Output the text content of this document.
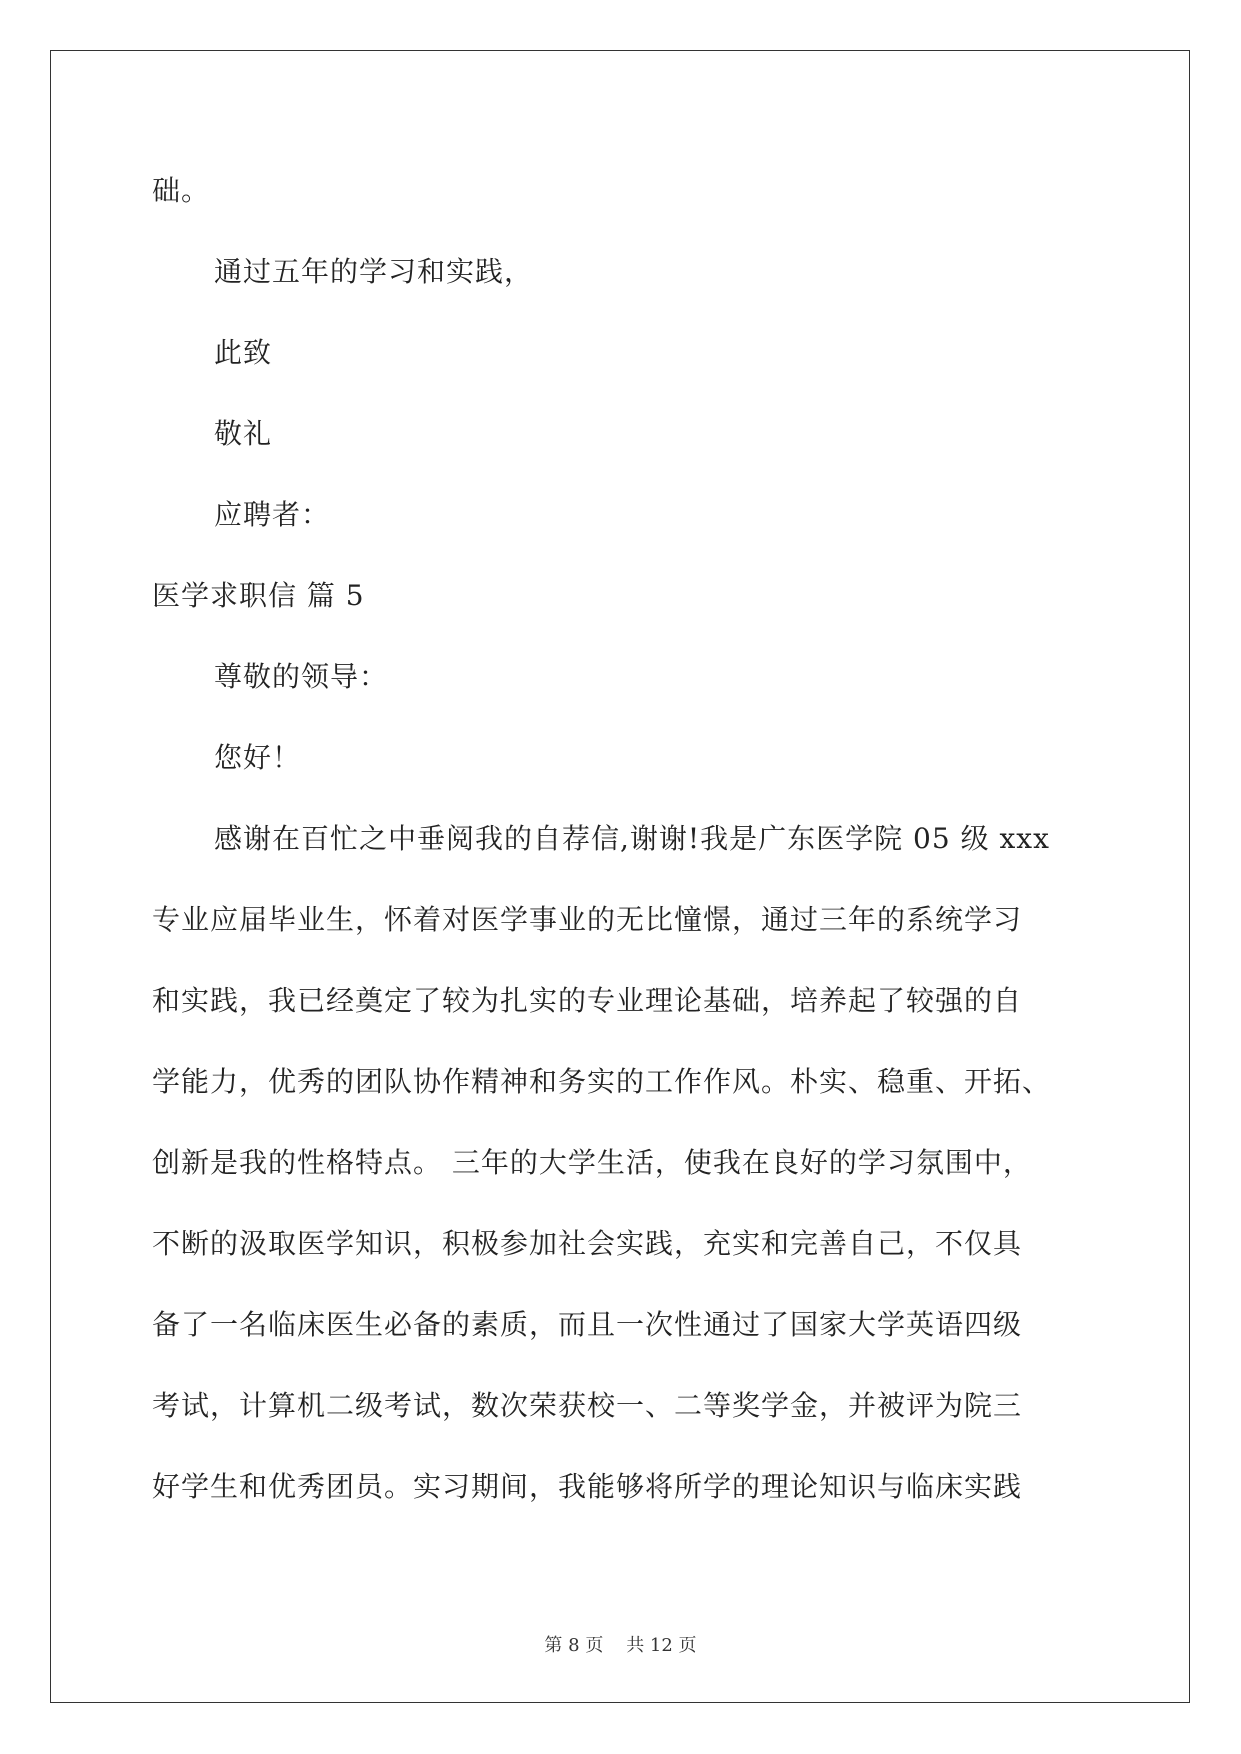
础。
通过五年的学习和实践，
此致
敬礼
应聘者：
医学求职信 篇 5
尊敬的领导：
您好！
感谢在百忙之中垂阅我的自荐信,谢谢!我是广东医学院 05 级 xxx
专业应届毕业生，怀着对医学事业的无比憧憬，通过三年的系统学习
和实践，我已经奠定了较为扎实的专业理论基础，培养起了较强的自
学能力，优秀的团队协作精神和务实的工作作风。朴实、稳重、开拓、
创新是我的性格特点。 三年的大学生活，使我在良好的学习氛围中，
不断的汲取医学知识，积极参加社会实践，充实和完善自己，不仅具
备了一名临床医生必备的素质，而且一次性通过了国家大学英语四级
考试，计算机二级考试，数次荣获校一、二等奖学金，并被评为院三
好学生和优秀团员。实习期间，我能够将所学的理论知识与临床实践
第 8 页    共 12 页
